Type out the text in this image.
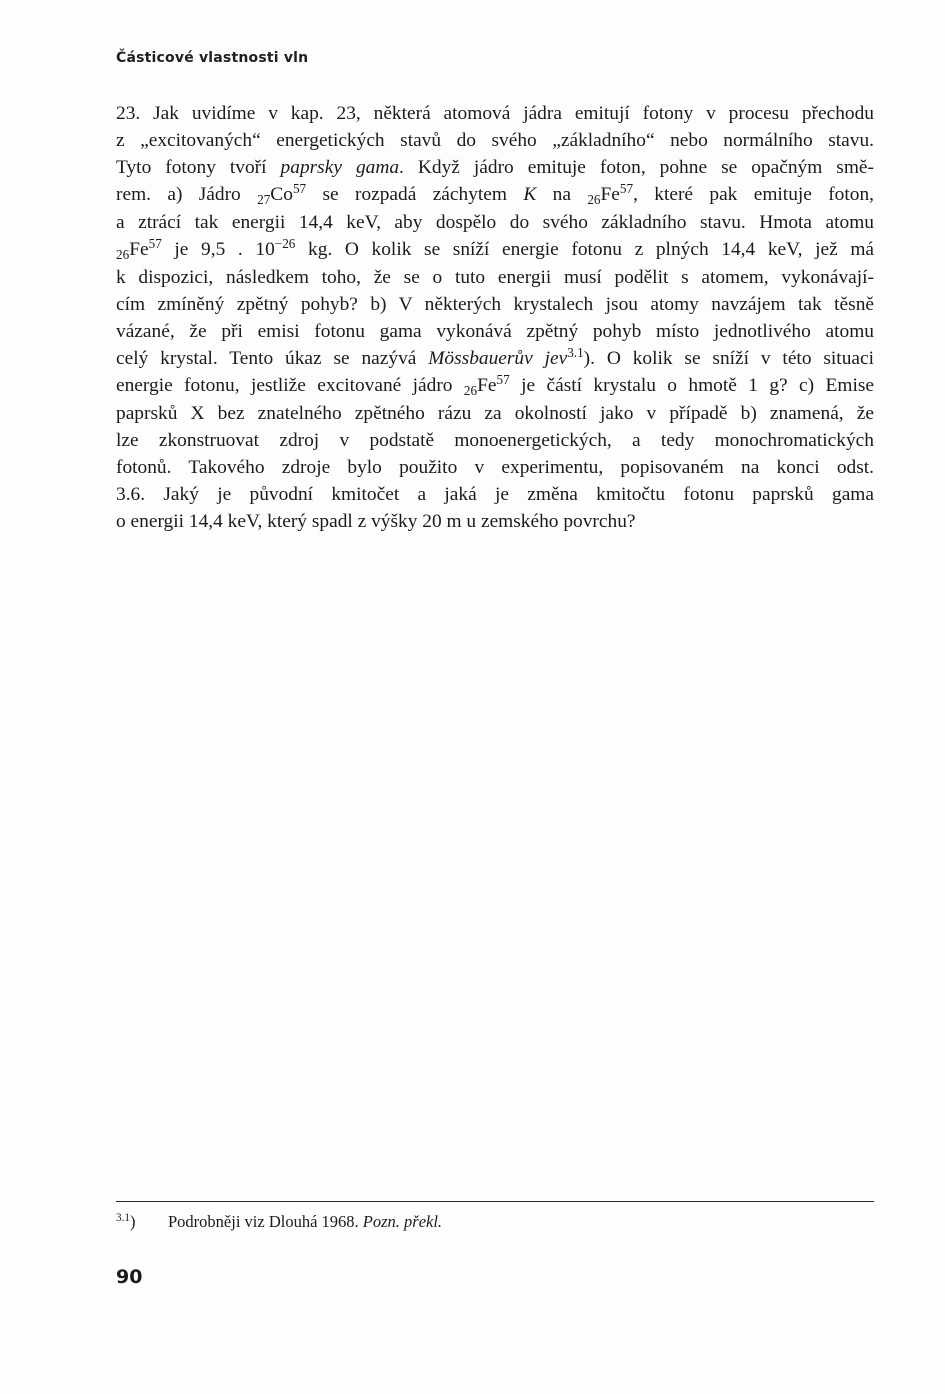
Částicové vlastnosti vln
23. Jak uvidíme v kap. 23, některá atomová jádra emitují fotony v procesu přechodu
z „excitovaných“ energetických stavů do svého „základního“ nebo normálního stavu.
Tyto fotony tvoří paprsky gama. Když jádro emituje foton, pohne se opačným smě-
rem. a) Jádro $_{27}Co^{57}$ se rozpadá záchytem K na $_{26}Fe^{57}$, které pak emituje foton,
a ztrácí tak energii 14,4 keV, aby dospělo do svého základního stavu. Hmota atomu
$_{26}Fe^{57}$ je 9,5 . $10^{-26}$ kg. O kolik se sníží energie fotonu z plných 14,4 keV, jež má
k dispozici, následkem toho, že se o tuto energii musí podělit s atomem, vykonávají-
cím zmíněný zpětný pohyb? b) V některých krystalech jsou atomy navzájem tak těsně
vázané, že při emisi fotonu gama vykonává zpětný pohyb místo jednotlivého atomu
celý krystal. Tento úkaz se nazývá Mössbauerův jev$^{3.1}$). O kolik se sníží v této situaci
energie fotonu, jestliže excitované jádro $_{26}Fe^{57}$ je částí krystalu o hmotě 1 g? c) Emise
paprsků X bez znatelného zpětného rázu za okolností jako v případě b) znamená, že
lze zkonstruovat zdroj v podstatě monoenergetických, a tedy monochromatických
fotonů. Takového zdroje bylo použito v experimentu, popisovaném na konci odst.
3.6. Jaký je původní kmitočet a jaká je změna kmitočtu fotonu paprsků gama
o energii 14,4 keV, který spadl z výšky 20 m u zemského povrchu?
$^{3.1}$) Podrobněji viz Dlouhá 1968. Pozn. překl.
90
